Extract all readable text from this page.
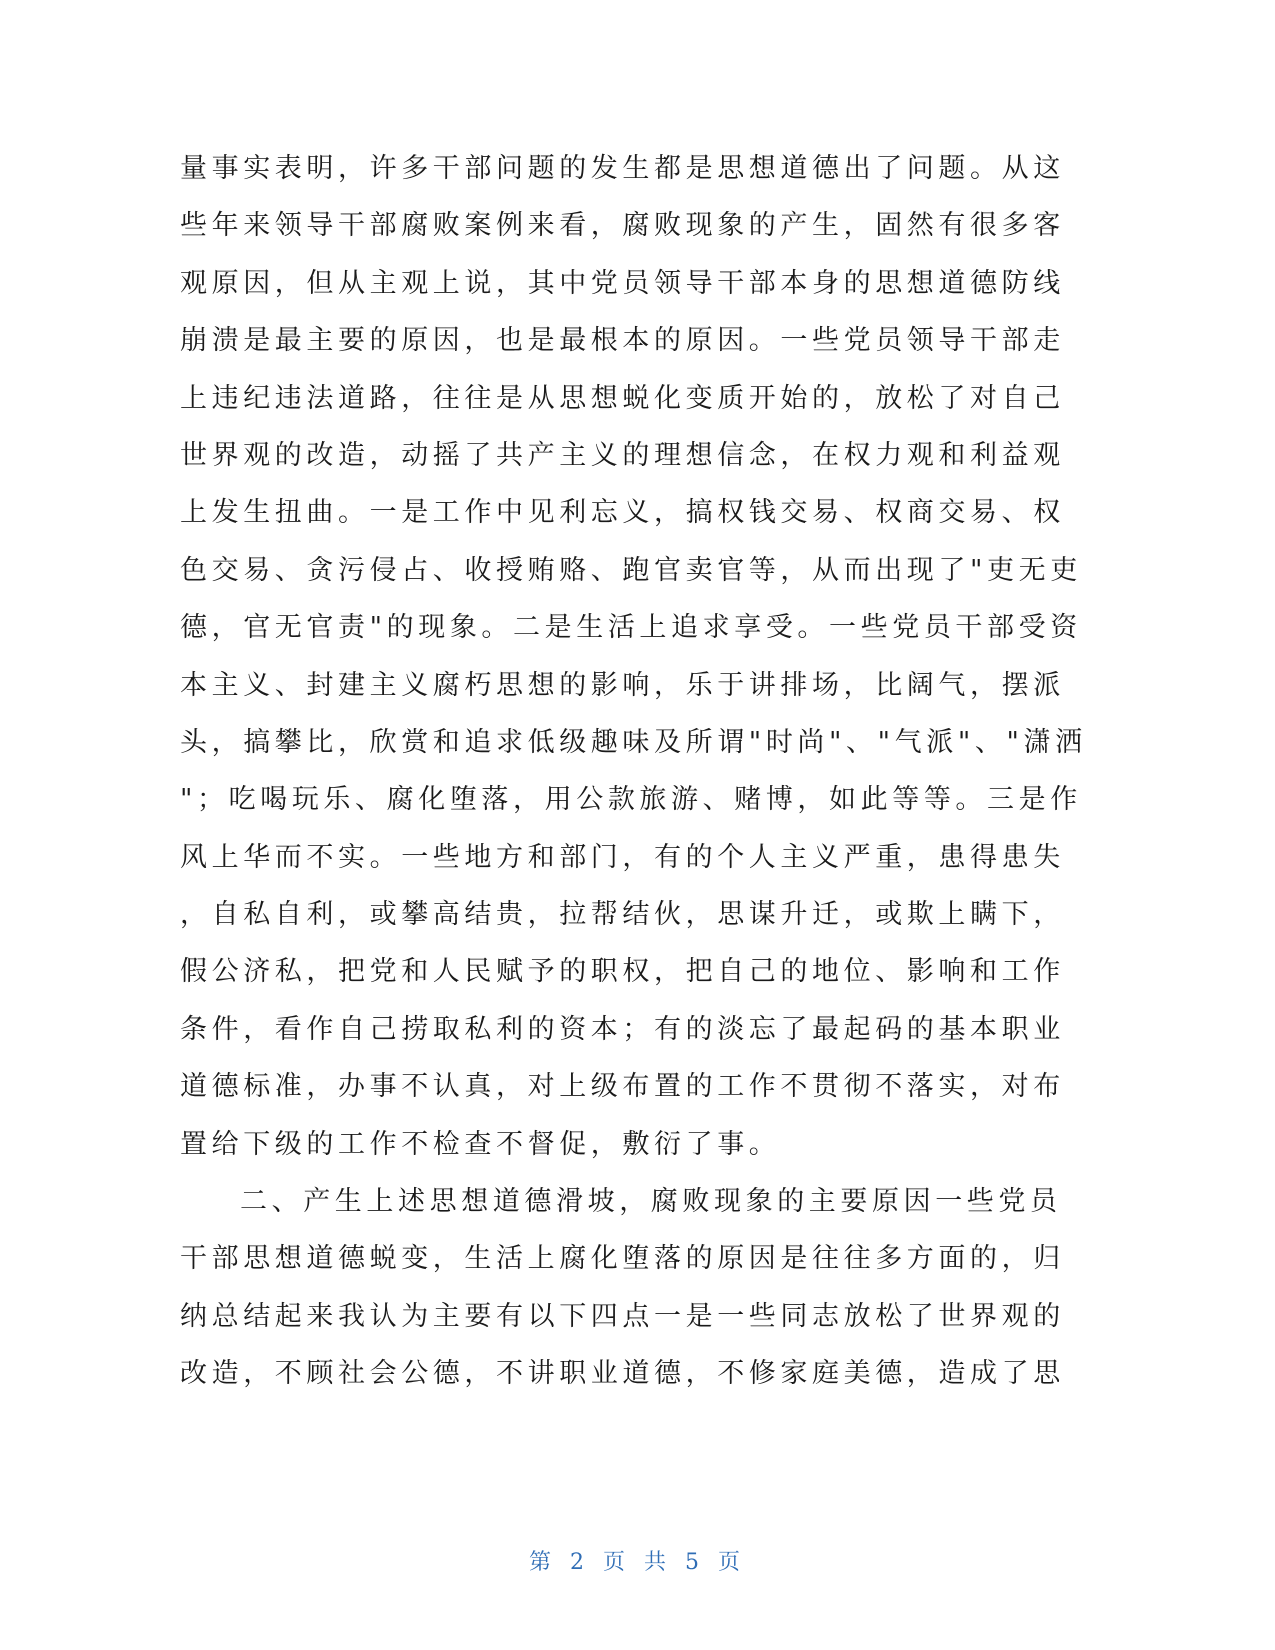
量事实表明，许多干部问题的发生都是思想道德出了问题。从这
些年来领导干部腐败案例来看，腐败现象的产生，固然有很多客
观原因，但从主观上说，其中党员领导干部本身的思想道德防线
崩溃是最主要的原因，也是最根本的原因。一些党员领导干部走
上违纪违法道路，往往是从思想蜕化变质开始的，放松了对自己
世界观的改造，动摇了共产主义的理想信念，在权力观和利益观
上发生扭曲。一是工作中见利忘义，搞权钱交易、权商交易、权
色交易、贪污侵占、收授贿赂、跑官卖官等，从而出现了"吏无吏
德，官无官责"的现象。二是生活上追求享受。一些党员干部受资
本主义、封建主义腐朽思想的影响，乐于讲排场，比阔气，摆派
头，搞攀比，欣赏和追求低级趣味及所谓"时尚"、"气派"、"潇洒
"；吃喝玩乐、腐化堕落，用公款旅游、赌博，如此等等。三是作
风上华而不实。一些地方和部门，有的个人主义严重，患得患失
，自私自利，或攀高结贵，拉帮结伙，思谋升迁，或欺上瞒下，
假公济私，把党和人民赋予的职权，把自己的地位、影响和工作
条件，看作自己捞取私利的资本；有的淡忘了最起码的基本职业
道德标准，办事不认真，对上级布置的工作不贯彻不落实，对布
置给下级的工作不检查不督促，敷衍了事。
二、产生上述思想道德滑坡，腐败现象的主要原因一些党员
干部思想道德蜕变，生活上腐化堕落的原因是往往多方面的，归
纳总结起来我认为主要有以下四点一是一些同志放松了世界观的
改造，不顾社会公德，不讲职业道德，不修家庭美德，造成了思
第 2 页 共 5 页
